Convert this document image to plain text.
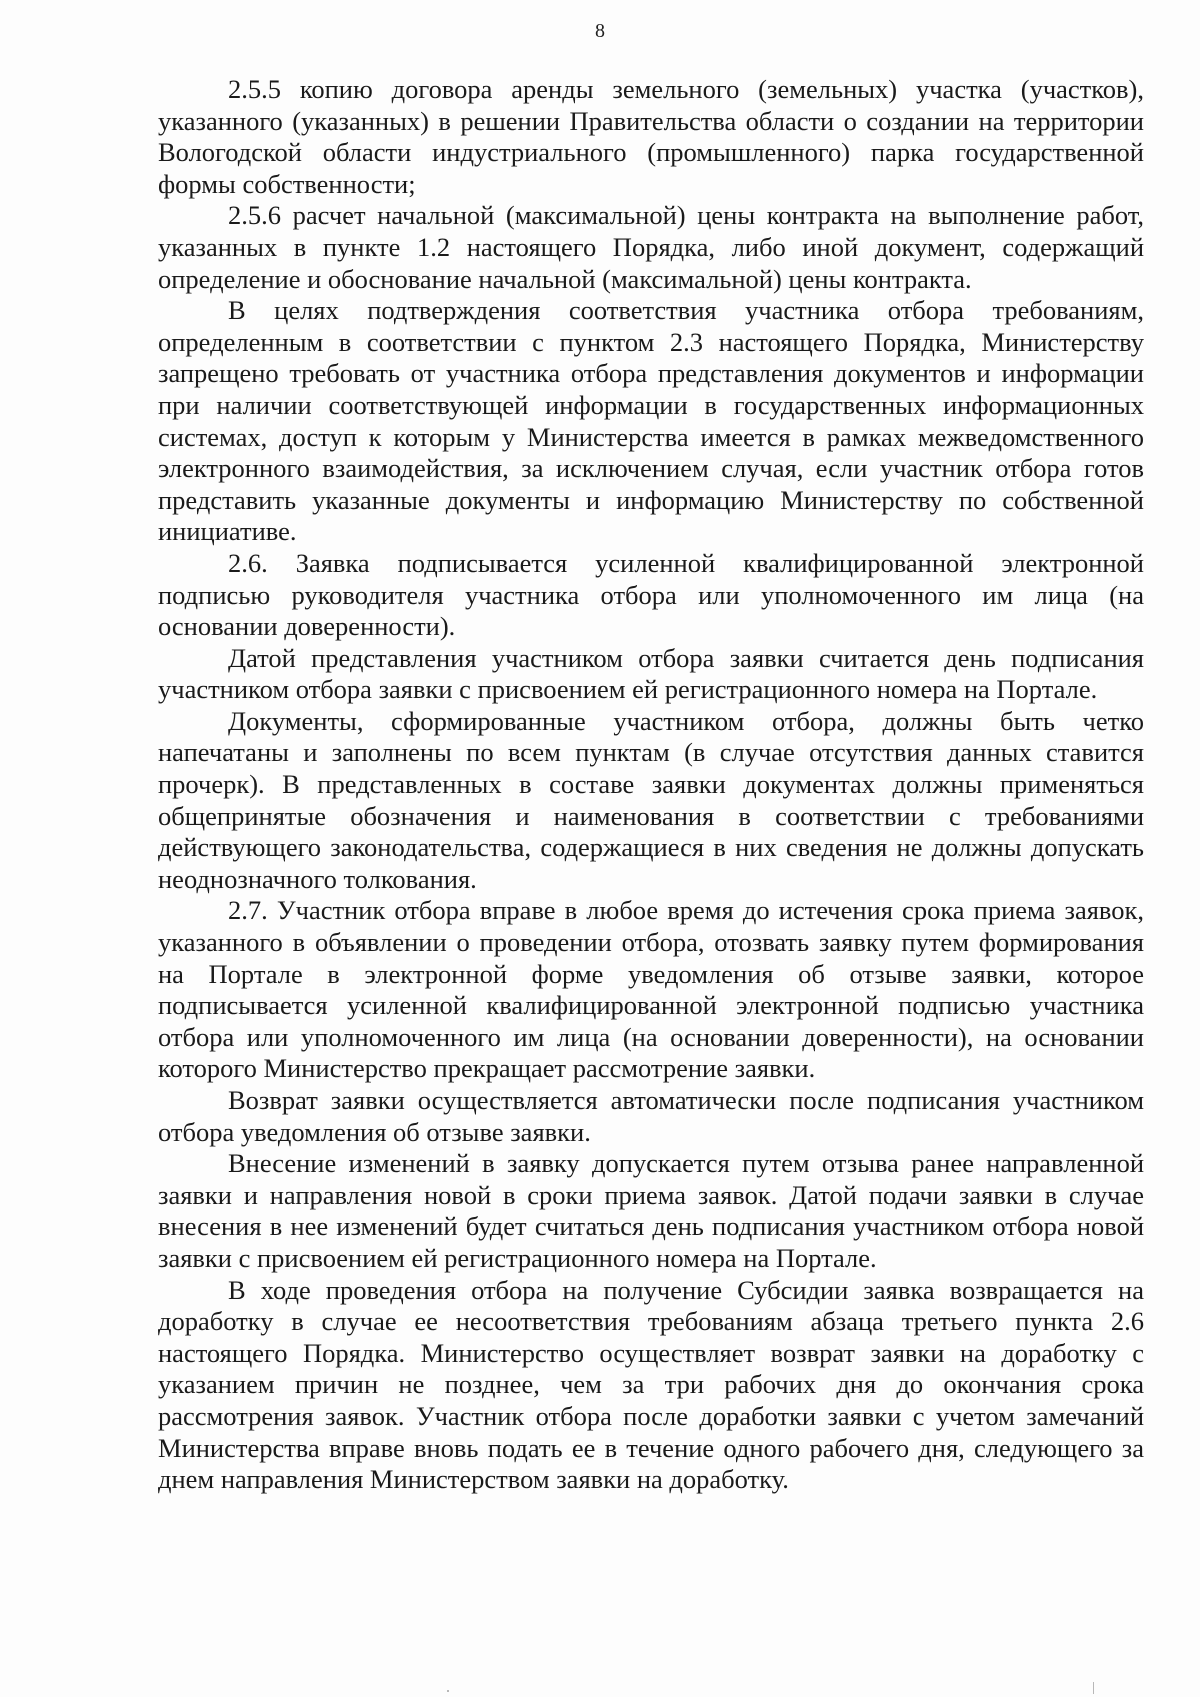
8

2.5.5 копию договора аренды земельного (земельных) участка (участков), указанного (указанных) в решении Правительства области о создании на территории Вологодской области индустриального (промышленного) парка государственной формы собственности;

2.5.6 расчет начальной (максимальной) цены контракта на выполнение работ, указанных в пункте 1.2 настоящего Порядка, либо иной документ, содержащий определение и обоснование начальной (максимальной) цены контракта.

В целях подтверждения соответствия участника отбора требованиям, определенным в соответствии с пунктом 2.3 настоящего Порядка, Министерству запрещено требовать от участника отбора представления документов и информации при наличии соответствующей информации в государственных информационных системах, доступ к которым у Министерства имеется в рамках межведомственного электронного взаимодействия, за исключением случая, если участник отбора готов представить указанные документы и информацию Министерству по собственной инициативе.

2.6. Заявка подписывается усиленной квалифицированной электронной подписью руководителя участника отбора или уполномоченного им лица (на основании доверенности).

Датой представления участником отбора заявки считается день подписания участником отбора заявки с присвоением ей регистрационного номера на Портале.

Документы, сформированные участником отбора, должны быть четко напечатаны и заполнены по всем пунктам (в случае отсутствия данных ставится прочерк). В представленных в составе заявки документах должны применяться общепринятые обозначения и наименования в соответствии с требованиями действующего законодательства, содержащиеся в них сведения не должны допускать неоднозначного толкования.

2.7. Участник отбора вправе в любое время до истечения срока приема заявок, указанного в объявлении о проведении отбора, отозвать заявку путем формирования на Портале в электронной форме уведомления об отзыве заявки, которое подписывается усиленной квалифицированной электронной подписью участника отбора или уполномоченного им лица (на основании доверенности), на основании которого Министерство прекращает рассмотрение заявки.

Возврат заявки осуществляется автоматически после подписания участником отбора уведомления об отзыве заявки.

Внесение изменений в заявку допускается путем отзыва ранее направленной заявки и направления новой в сроки приема заявок. Датой подачи заявки в случае внесения в нее изменений будет считаться день подписания участником отбора новой заявки с присвоением ей регистрационного номера на Портале.

В ходе проведения отбора на получение Субсидии заявка возвращается на доработку в случае ее несоответствия требованиям абзаца третьего пункта 2.6 настоящего Порядка. Министерство осуществляет возврат заявки на доработку с указанием причин не позднее, чем за три рабочих дня до окончания срока рассмотрения заявок. Участник отбора после доработки заявки с учетом замечаний Министерства вправе вновь подать ее в течение одного рабочего дня, следующего за днем направления Министерством заявки на доработку.
